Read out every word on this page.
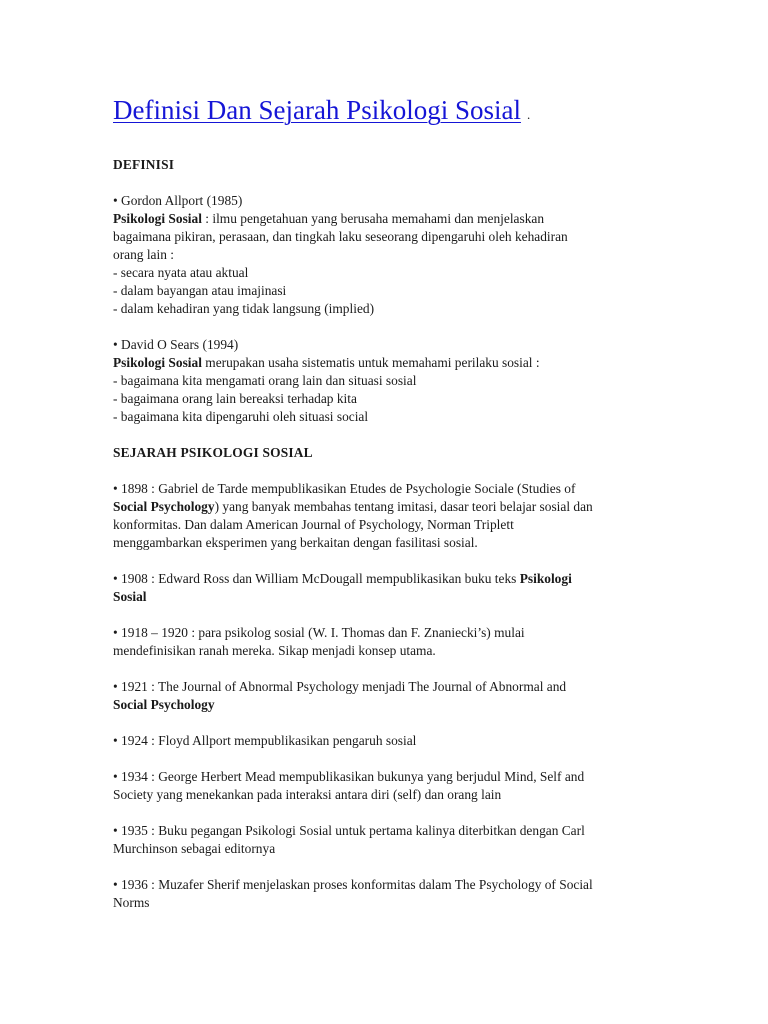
Definisi Dan Sejarah Psikologi Sosial .
DEFINISI
• Gordon Allport (1985)
Psikologi Sosial : ilmu pengetahuan yang berusaha memahami dan menjelaskan
bagaimana pikiran, perasaan, dan tingkah laku seseorang dipengaruhi oleh kehadiran
orang lain :
- secara nyata atau aktual
- dalam bayangan atau imajinasi
- dalam kehadiran yang tidak langsung (implied)
• David O Sears (1994)
Psikologi Sosial merupakan usaha sistematis untuk memahami perilaku sosial :
- bagaimana kita mengamati orang lain dan situasi sosial
- bagaimana orang lain bereaksi terhadap kita
- bagaimana kita dipengaruhi oleh situasi social
SEJARAH PSIKOLOGI SOSIAL
• 1898 : Gabriel de Tarde mempublikasikan Etudes de Psychologie Sociale (Studies of
Social Psychology) yang banyak membahas tentang imitasi, dasar teori belajar sosial dan
konformitas. Dan dalam American Journal of Psychology, Norman Triplett
menggambarkan eksperimen yang berkaitan dengan fasilitasi sosial.
• 1908 : Edward Ross dan William McDougall mempublikasikan buku teks Psikologi
Sosial
• 1918 – 1920 : para psikolog sosial (W. I. Thomas dan F. Znaniecki’s) mulai
mendefinisikan ranah mereka. Sikap menjadi konsep utama.
• 1921 : The Journal of Abnormal Psychology menjadi The Journal of Abnormal and
Social Psychology
• 1924 : Floyd Allport mempublikasikan pengaruh sosial
• 1934 : George Herbert Mead mempublikasikan bukunya yang berjudul Mind, Self and
Society yang menekankan pada interaksi antara diri (self) dan orang lain
• 1935 : Buku pegangan Psikologi Sosial untuk pertama kalinya diterbitkan dengan Carl
Murchinson sebagai editornya
• 1936 : Muzafer Sherif menjelaskan proses konformitas dalam The Psychology of Social
Norms
